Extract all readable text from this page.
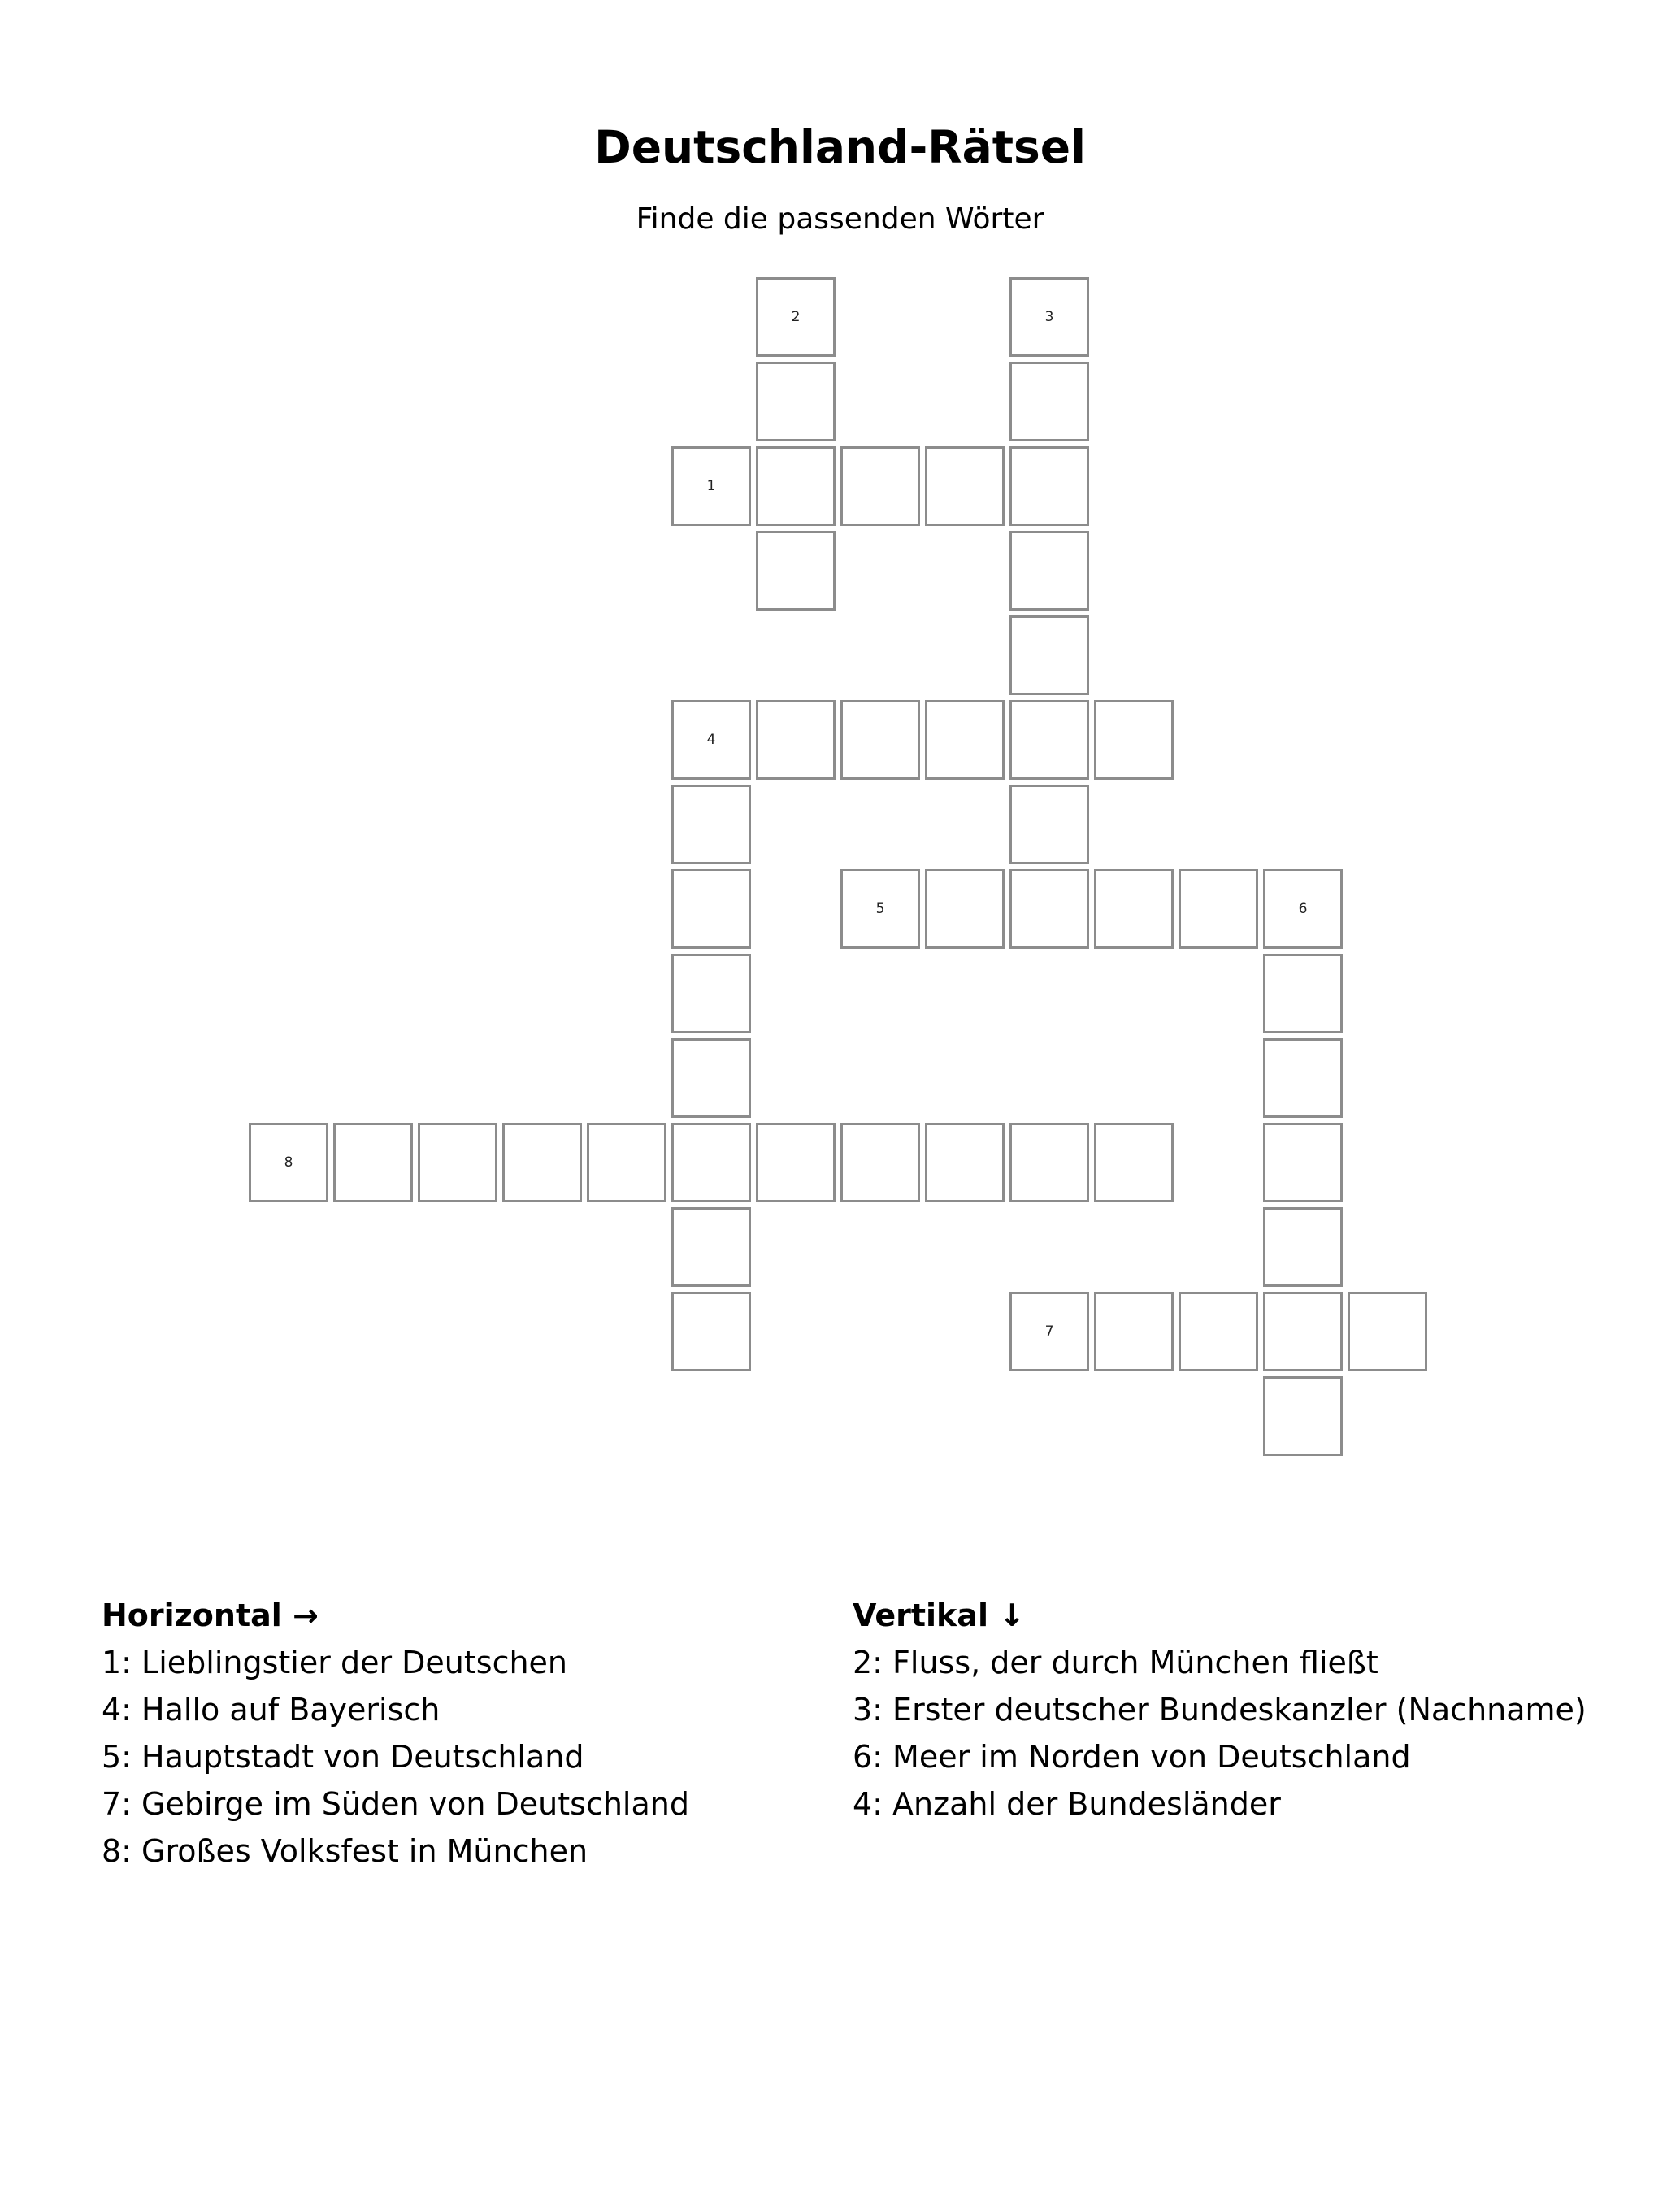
Deutschland-Rätsel
Finde die passenden Wörter
2
1
3
4
5	6
8
7
Horizontal →
1: Lieblingstier der Deutschen
4: Hallo auf Bayerisch
5: Hauptstadt von Deutschland
7: Gebirge im Süden von Deutschland
8: Großes Volksfest in München
Vertikal ↓
2: Fluss, der durch München fließt
3: Erster deutscher Bundeskanzler (Nachname)
6: Meer im Norden von Deutschland
4: Anzahl der Bundesländer
